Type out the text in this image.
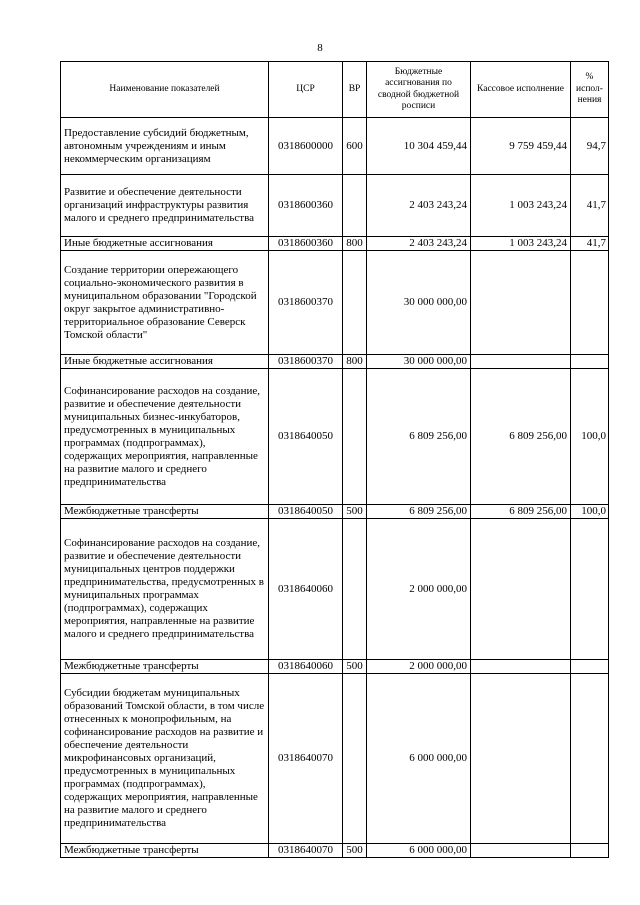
8
Наименование показателей	ЦСР	ВР	Бюджетные ассигнования по сводной бюджетной росписи	Кассовое исполнение	% испол-нения
Предоставление субсидий бюджетным, автономным учреждениям и иным некоммерческим организациям	0318600000	600	10 304 459,44	9 759 459,44	94,7
Развитие и обеспечение деятельности организаций инфраструктуры развития малого и среднего предпринимательства	0318600360		2 403 243,24	1 003 243,24	41,7
Иные бюджетные ассигнования	0318600360	800	2 403 243,24	1 003 243,24	41,7
Создание территории опережающего социально-экономического развития в муниципальном образовании "Городской округ закрытое административно-территориальное образование Северск Томской области"	0318600370		30 000 000,00		
Иные бюджетные ассигнования	0318600370	800	30 000 000,00		
Софинансирование расходов на создание, развитие и обеспечение деятельности муниципальных бизнес-инкубаторов, предусмотренных в муниципальных программах (подпрограммах), содержащих мероприятия, направленные на развитие малого и среднего предпринимательства	0318640050		6 809 256,00	6 809 256,00	100,0
Межбюджетные трансферты	0318640050	500	6 809 256,00	6 809 256,00	100,0
Софинансирование расходов на создание, развитие и обеспечение деятельности муниципальных центров поддержки предпринимательства, предусмотренных в муниципальных программах (подпрограммах), содержащих мероприятия, направленные на развитие малого и среднего предпринимательства	0318640060		2 000 000,00		
Межбюджетные трансферты	0318640060	500	2 000 000,00		
Субсидии бюджетам муниципальных образований Томской области, в том числе отнесенных к монопрофильным, на софинансирование расходов на развитие и обеспечение деятельности микрофинансовых организаций, предусмотренных в муниципальных программах (подпрограммах), содержащих мероприятия, направленные на развитие малого и среднего предпринимательства	0318640070		6 000 000,00		
Межбюджетные трансферты	0318640070	500	6 000 000,00		
